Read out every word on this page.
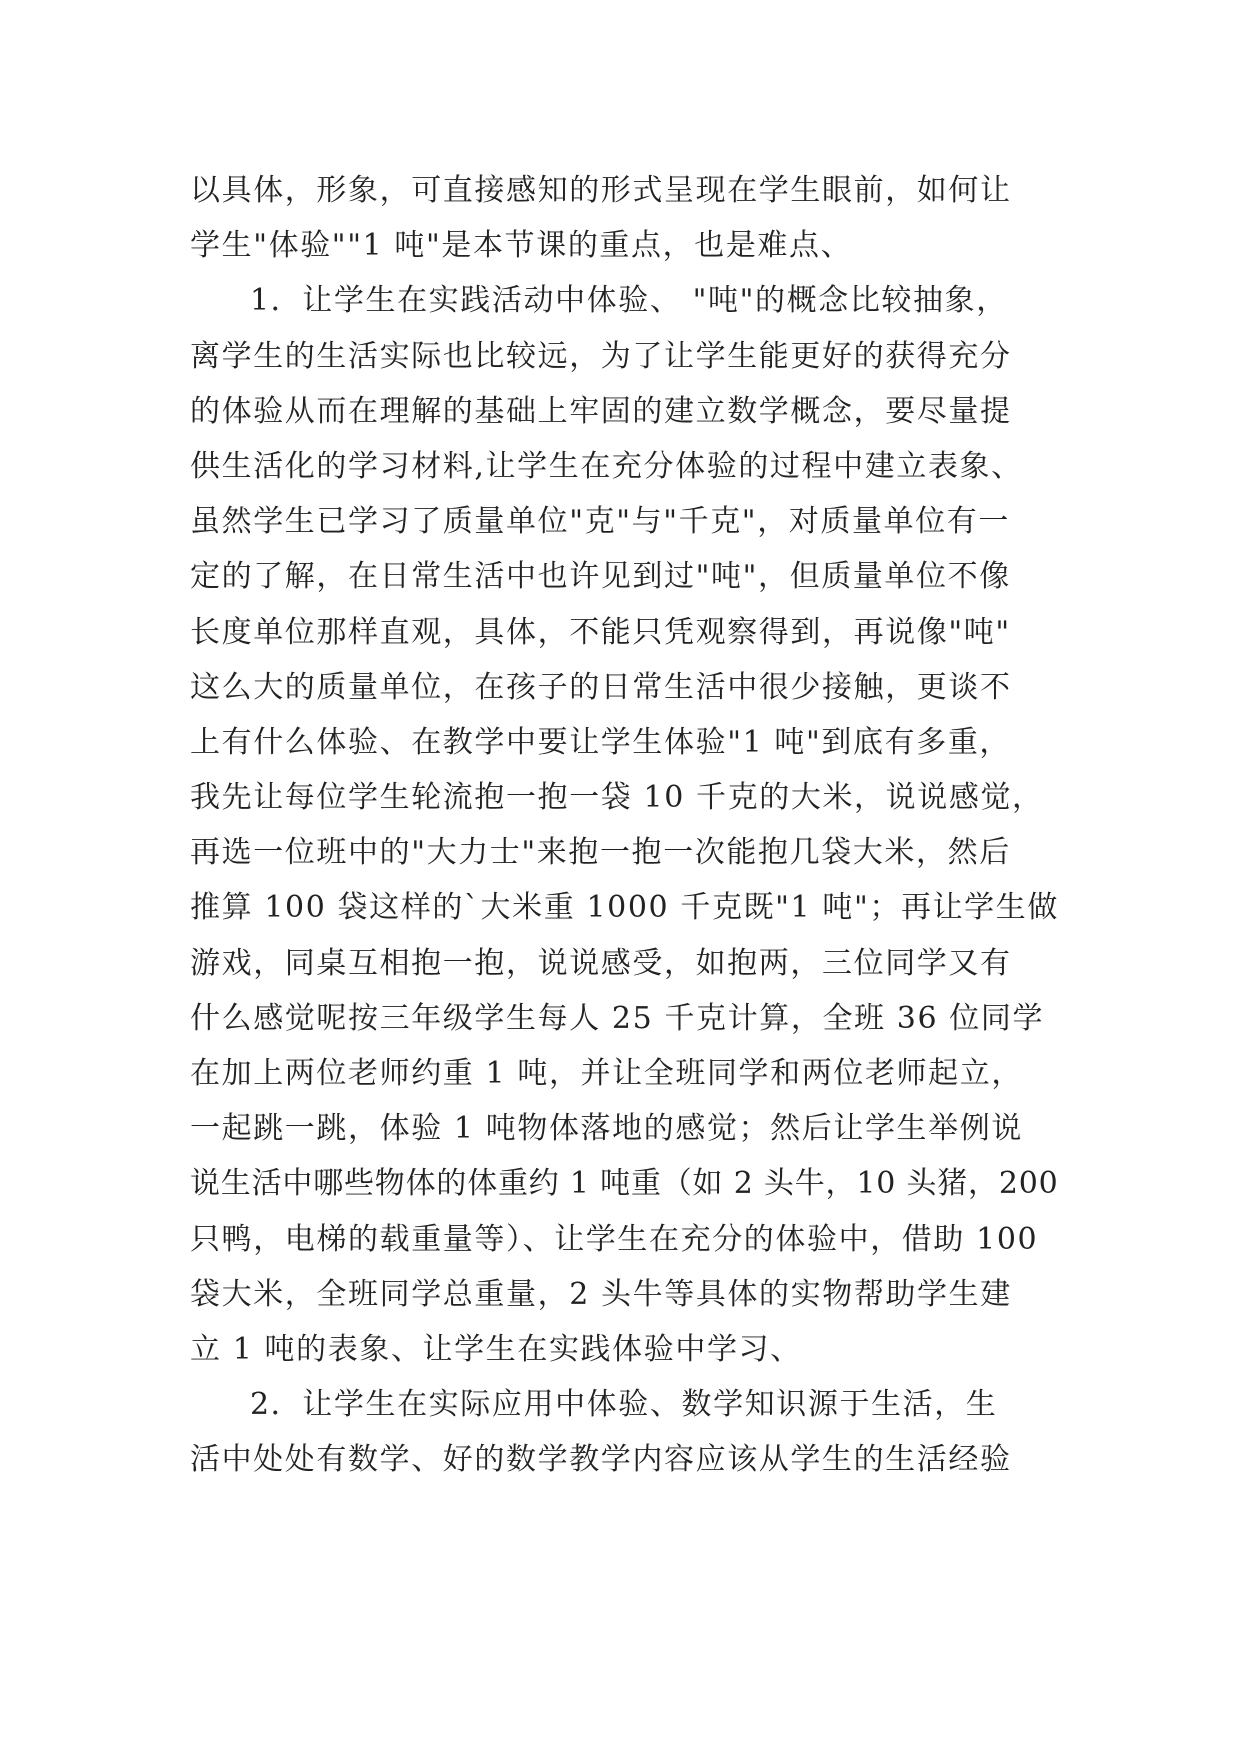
以具体，形象，可直接感知的形式呈现在学生眼前，如何让
学生"体验""1 吨"是本节课的重点，也是难点、
1．让学生在实践活动中体验、 "吨"的概念比较抽象，
离学生的生活实际也比较远，为了让学生能更好的获得充分
的体验从而在理解的基础上牢固的建立数学概念，要尽量提
供生活化的学习材料,让学生在充分体验的过程中建立表象、
虽然学生已学习了质量单位"克"与"千克"，对质量单位有一
定的了解，在日常生活中也许见到过"吨"，但质量单位不像
长度单位那样直观，具体，不能只凭观察得到，再说像"吨"
这么大的质量单位，在孩子的日常生活中很少接触，更谈不
上有什么体验、在教学中要让学生体验"1 吨"到底有多重，
我先让每位学生轮流抱一抱一袋 10 千克的大米，说说感觉，
再选一位班中的"大力士"来抱一抱一次能抱几袋大米，然后
推算 100 袋这样的`大米重 1000 千克既"1 吨"；再让学生做
游戏，同桌互相抱一抱，说说感受，如抱两，三位同学又有
什么感觉呢按三年级学生每人 25 千克计算，全班 36 位同学
在加上两位老师约重 1 吨，并让全班同学和两位老师起立，
一起跳一跳，体验 1 吨物体落地的感觉；然后让学生举例说
说生活中哪些物体的体重约 1 吨重（如 2 头牛，10 头猪，200
只鸭，电梯的载重量等）、让学生在充分的体验中，借助 100
袋大米，全班同学总重量，2 头牛等具体的实物帮助学生建
立 1 吨的表象、让学生在实践体验中学习、
2．让学生在实际应用中体验、数学知识源于生活，生
活中处处有数学、好的数学教学内容应该从学生的生活经验
